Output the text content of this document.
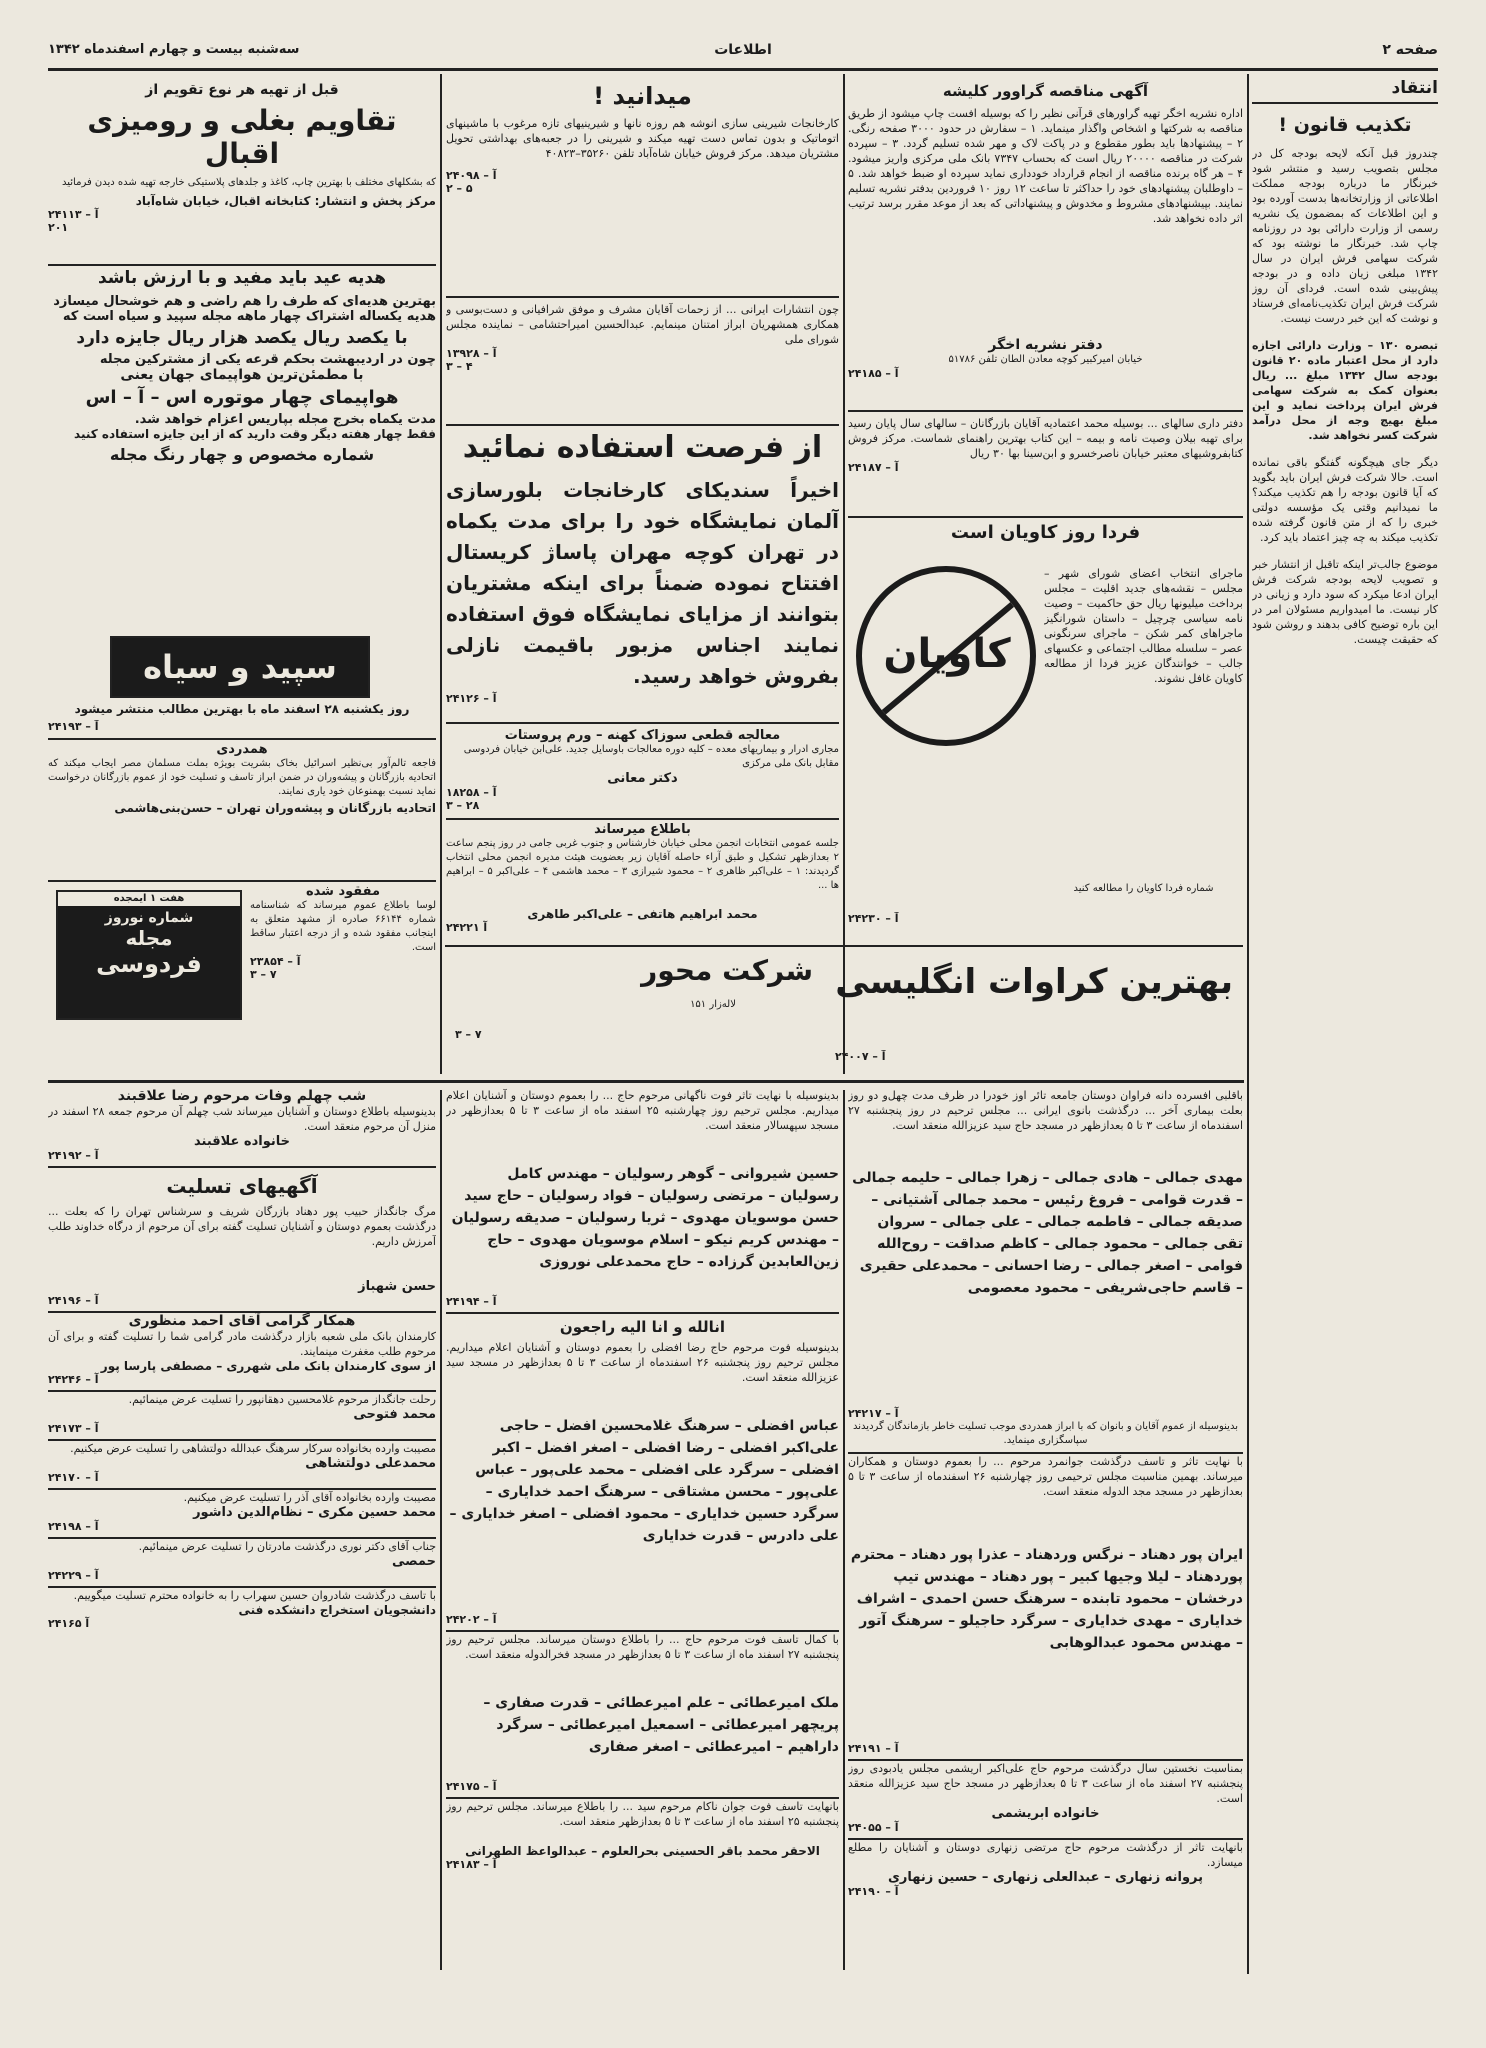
صفحه ۲
اطلاعات
سه‌شنبه بیست و چهارم اسفندماه ۱۳۴۲
انتقاد
تکذیب قانون !
چندروز قبل آنکه لایحه بودجه کل در مجلس بتصویب رسید و منتشر شود خبرنگار ما درباره بودجه مملکت اطلاعاتی از وزارتخانه‌ها بدست آورده بود و این اطلاعات که بمضمون یک نشریه رسمی از وزارت دارائی بود در روزنامه چاپ شد. خبرنگار ما نوشته بود که شرکت سهامی فرش ایران در سال ۱۳۴۲ مبلغی زیان داده و در بودجه پیش‌بینی شده است. فردای آن روز شرکت فرش ایران تکذیب‌نامه‌ای فرستاد و نوشت که این خبر درست نیست.
تبصره ۱۳۰ – وزارت دارائی اجازه دارد از محل اعتبار ماده ۲۰ قانون بودجه سال ۱۳۴۲ مبلغ ... ریال بعنوان کمک به شرکت سهامی فرش ایران پرداخت نماید و این مبلغ بهیچ وجه از محل درآمد شرکت کسر نخواهد شد.
دیگر جای هیچگونه گفتگو باقی نمانده است. حالا شرکت فرش ایران باید بگوید که آیا قانون بودجه را هم تکذیب میکند؟ ما نمیدانیم وقتی یک مؤسسه دولتی خبری را که از متن قانون گرفته شده تکذیب میکند به چه چیز اعتماد باید کرد.
موضوع جالب‌تر اینکه تاقبل از انتشار خبر و تصویب لایحه بودجه شرکت فرش ایران ادعا میکرد که سود دارد و زیانی در کار نیست. ما امیدواریم مسئولان امر در این باره توضیح کافی بدهند و روشن شود که حقیقت چیست.
آگهی مناقصه گراوور کلیشه
اداره نشریه اخگر تهیه گراورهای قرآنی نظیر را که بوسیله افست چاپ میشود از طریق مناقصه به شرکتها و اشخاص واگذار مینماید. ۱ – سفارش در حدود ۳۰۰۰ صفحه رنگی. ۲ – پیشنهادها باید بطور مقطوع و در پاکت لاک و مهر شده تسلیم گردد. ۳ – سپرده شرکت در مناقصه ۲۰۰۰۰ ریال است که بحساب ۷۳۴۷ بانک ملی مرکزی واریز میشود. ۴ – هر گاه برنده مناقصه از انجام قرارداد خودداری نماید سپرده او ضبط خواهد شد. ۵ – داوطلبان پیشنهادهای خود را حداکثر تا ساعت ۱۲ روز ۱۰ فروردین بدفتر نشریه تسلیم نمایند. بپیشنهادهای مشروط و مخدوش و پیشنهاداتی که بعد از موعد مقرر برسد ترتیب اثر داده نخواهد شد.
دفتر نشریه اخگر
خیابان امیرکبیر کوچه معادن الطان تلفن ۵۱۷۸۶
آ – ۲۴۱۸۵
دفتر داری سالهای ... بوسیله محمد اعتمادیه آقایان بازرگانان – سالهای سال پایان رسید برای تهیه بیلان وصیت نامه و بیمه – این کتاب بهترین راهنمای شماست. مرکز فروش کتابفروشیهای معتبر خیابان ناصرخسرو و ابن‌سینا بها ۳۰ ریال
آ – ۲۴۱۸۷
فردا روز کاویان است
کاویان
ماجرای انتخاب اعضای شورای شهر – مجلس – نقشه‌های جدید اقلیت – مجلس برداخت میلیونها ریال حق حاکمیت – وصیت نامه سیاسی چرچیل – داستان شورانگیز ماجراهای کمر شکن – ماجرای سرنگونی عصر – سلسله مطالب اجتماعی و عکسهای جالب – خوانندگان عزیز فردا از مطالعه کاویان غافل نشوند.
شماره فردا کاویان را مطالعه کنید
آ – ۲۴۲۳۰
بهترین کراوات انگلیسی
شرکت محور
لاله‌زار ۱۵۱
آ – ۲۴۰۰۷
۳ – ۷
میدانید !
کارخانجات شیرینی سازی انوشه هم روزه نانها و شیرینیهای تازه مرغوب با ماشینهای اتوماتیک و بدون تماس دست تهیه میکند و شیرینی را در جعبه‌های بهداشتی تحویل مشتریان میدهد. مرکز فروش خیابان شاه‌آباد تلفن ۳۵۲۶۰–۴۰۸۲۳
آ – ۲۴۰۹۸
۲ – ۵
چون انتشارات ایرانی ... از زحمات آقایان مشرف و موفق شرافیانی و دست‌بوسی و همکاری همشهریان ابراز امتنان مینمایم. عبدالحسین امیراحتشامی – نماینده مجلس شورای ملی
آ – ۱۳۹۲۸
۳ – ۴
از فرصت استفاده نمائید
اخیراً سندیکای کارخانجات بلورسازی آلمان نمایشگاه خود را برای مدت یکماه در تهران کوچه مهران پاساژ کریستال افتتاح نموده ضمناً برای اینکه مشتریان بتوانند از مزایای نمایشگاه فوق استفاده نمایند اجناس مزبور باقیمت نازلی بفروش خواهد رسید.
آ – ۲۴۱۲۶
معالجه قطعی سوزاک کهنه – ورم پروستات
مجاری ادرار و بیماریهای معده – کلیه دوره معالجات باوسایل جدید. علی‌ابن خیابان فردوسی مقابل بانک ملی مرکزی
دکتر معانی
آ – ۱۸۲۵۸
۳ – ۲۸
باطلاع میرساند
جلسه عمومی انتخابات انجمن محلی خیابان خارشناس و جنوب غربی جامی در روز پنجم ساعت ۲ بعدازظهر تشکیل و طبق آراء حاصله آقایان زیر بعضویت هیئت مدیره انجمن محلی انتخاب گردیدند: ۱ – علی‌اکبر ظاهری ۲ – محمود شیرازی ۳ – محمد هاشمی ۴ – علی‌اکبر ۵ – ابراهیم ها ...
محمد ابراهیم هاتفی – علی‌اکبر طاهری
آ ۲۴۲۲۱
قبل از تهیه هر نوع تقویم از
تقاویم بغلی و رومیزی اقبال
که بشکلهای مختلف با بهترین چاپ، کاغذ و جلدهای پلاستیکی خارجه تهیه شده دیدن فرمائید
مرکز پخش و انتشار: کتابخانه اقبال، خیابان شاه‌آباد
آ – ۲۴۱۱۳
۲۰۱
هدیه عید باید مفید و با ارزش باشد
بهترین هدیه‌ای که طرف را هم راضی و هم خوشحال میسازد
هدیه یکساله اشتراک چهار ماهه مجله سپید و سیاه است که
با یکصد ریال یکصد هزار ریال جایزه دارد
چون در اردیبهشت بحکم قرعه یکی از مشترکین مجله
با مطمئن‌ترین هواپیمای جهان یعنی
هواپیمای چهار موتوره اس – آ – اس
مدت یکماه بخرج مجله بپاریس اعزام خواهد شد.
فقط چهار هفته دیگر وقت دارید که از این جایزه استفاده کنید
شماره مخصوص و چهار رنگ مجله
سپید و سیاه
روز یکشنبه ۲۸ اسفند ماه با بهترین مطالب منتشر میشود
آ – ۲۴۱۹۳
همدردی
فاجعه تالم‌آور بی‌نظیر اسرائیل بخاک بشریت بویژه بملت مسلمان مصر ایجاب میکند که اتحادیه بازرگانان و پیشه‌وران در ضمن ابراز تاسف و تسلیت خود از عموم بازرگانان درخواست نماید نسبت بهمنوعان خود یاری نمایند.
اتحادیه بازرگانان و پیشه‌وران تهران – حسن‌بنی‌هاشمی
مفقود شده
لوسا باطلاع عموم میرساند که شناسنامه شماره ۶۶۱۴۴ صادره از مشهد متعلق به اینجانب مفقود شده و از درجه اعتبار ساقط است.
آ – ۲۳۸۵۴
۳ – ۷
هفت ۱ ایمجده
شماره نوروز
مجله
فردوسی
باقلبی افسرده دانه فراوان دوستان جامعه تائر اوز خودرا در ظرف مدت چهل‌و دو روز بعلت بیماری آخر ... درگذشت بانوی ایرانی ... مجلس ترحیم در روز پنجشنبه ۲۷ اسفندماه از ساعت ۳ تا ۵ بعدازظهر در مسجد حاج سید عزیزالله منعقد است.
مهدی جمالی – هادی جمالی – زهرا جمالی – حلیمه جمالی – قدرت قوامی – فروغ رئیس – محمد جمالی آشتیانی – صدیقه جمالی – فاطمه جمالی – علی جمالی – سروان تقی جمالی – محمود جمالی – کاظم صداقت – روح‌الله فوامی – اصغر جمالی – رضا احسانی – محمدعلی حقیری – قاسم حاجی‌شریفی – محمود معصومی
آ – ۲۴۲۱۷
بدینوسیله از عموم آقایان و بانوان که با ابراز همدردی موجب تسلیت خاطر بازماندگان گردیدند سپاسگزاری مینماید.
با نهایت تاثر و تاسف درگذشت جوانمرد مرحوم ... را بعموم دوستان و همکاران میرساند. بهمین مناسبت مجلس ترحیمی روز چهارشنبه ۲۶ اسفندماه از ساعت ۳ تا ۵ بعدازظهر در مسجد مجد الدوله منعقد است.
ایران پور دهناد – نرگس وردهناد – عذرا پور دهناد – محترم پوردهناد – لیلا وجیها کبیر – پور دهناد – مهندس تیپ درخشان – محمود تابنده – سرهنگ حسن احمدی – اشراف خدایاری – مهدی خدایاری – سرگرد حاجیلو – سرهنگ آتور – مهندس محمود عبدالوهابی
آ – ۲۴۱۹۱
بمناسبت نخستین سال درگذشت مرحوم حاج علی‌اکبر اریشمی مجلس یادبودی روز پنجشنبه ۲۷ اسفند ماه از ساعت ۳ تا ۵ بعدازظهر در مسجد حاج سید عزیزالله منعقد است.
خانواده ابریشمی
آ – ۲۴۰۵۵
بانهایت تاثر از درگذشت مرحوم حاج مرتضی زنهاری دوستان و آشنایان را مطلع میسازد.
پروانه زنهاری – عبدالعلی زنهاری – حسین زنهاری
آ – ۲۴۱۹۰
بدینوسیله با نهایت تاثر فوت ناگهانی مرحوم حاج ... را بعموم دوستان و آشنایان اعلام میداریم. مجلس ترحیم روز چهارشنبه ۲۵ اسفند ماه از ساعت ۳ تا ۵ بعدازظهر در مسجد سپهسالار منعقد است.
حسین شیروانی – گوهر رسولیان – مهندس کامل رسولیان – مرتضی رسولیان – فواد رسولیان – حاج سید حسن موسویان مهدوی – ثریا رسولیان – صدیقه رسولیان – مهندس کریم نیکو – اسلام موسویان مهدوی – حاج زین‌العابدین گرزاده – حاج محمدعلی نوروزی
آ – ۲۴۱۹۴
انالله و انا الیه راجعون
بدینوسیله فوت مرحوم حاج رضا افضلی را بعموم دوستان و آشنایان اعلام میداریم. مجلس ترحیم روز پنجشنبه ۲۶ اسفندماه از ساعت ۳ تا ۵ بعدازظهر در مسجد سید عزیزالله منعقد است.
عباس افضلی – سرهنگ غلامحسین افضل – حاجی علی‌اکبر افضلی – رضا افضلی – اصغر افضل – اکبر افضلی – سرگرد علی افضلی – محمد علی‌پور – عباس علی‌پور – محسن مشتاقی – سرهنگ احمد خدایاری – سرگرد حسین خدایاری – محمود افضلی – اصغر خدایاری – علی دادرس – قدرت خدایاری
آ – ۲۴۲۰۲
با کمال تاسف فوت مرحوم حاج ... را باطلاع دوستان میرساند. مجلس ترحیم روز پنجشنبه ۲۷ اسفند ماه از ساعت ۳ تا ۵ بعدازظهر در مسجد فخرالدوله منعقد است.
ملک امیرعطائی – علم امیرعطائی – قدرت صفاری – پریچهر امیرعطائی – اسمعیل امیرعطائی – سرگرد داراهیم – امیرعطائی – اصغر صفاری
آ – ۲۴۱۷۵
بانهایت تاسف فوت جوان ناکام مرحوم سید ... را باطلاع میرساند. مجلس ترحیم روز پنجشنبه ۲۵ اسفند ماه از ساعت ۳ تا ۵ بعدازظهر منعقد است.
الاحقر محمد باقر الحسینی بحرالعلوم – عبدالواعظ الطهرانی
آ – ۲۴۱۸۳
شب چهلم وفات مرحوم رضا علاقبند
بدینوسیله باطلاع دوستان و آشنایان میرساند شب چهلم آن مرحوم جمعه ۲۸ اسفند در منزل آن مرحوم منعقد است.
خانواده علاقبند
آ – ۲۴۱۹۲
آگهیهای تسلیت
مرگ جانگداز حبیب پور دهناد بازرگان شریف و سرشناس تهران را که بعلت ... درگذشت بعموم دوستان و آشنایان تسلیت گفته برای آن مرحوم از درگاه خداوند طلب آمرزش داریم.
حسن شهباز
آ – ۲۴۱۹۶
همکار گرامی آقای احمد منظوری
کارمندان بانک ملی شعبه بازار درگذشت مادر گرامی شما را تسلیت گفته و برای آن مرحوم طلب مغفرت مینمایند.
از سوی کارمندان بانک ملی شهرری – مصطفی پارسا پور
آ – ۲۴۲۴۶
رحلت جانگداز مرحوم غلامحسین دهقانپور را تسلیت عرض مینمائیم.
محمد فتوحی
آ – ۲۴۱۷۳
مصیبت وارده بخانواده سرکار سرهنگ عبدالله دولتشاهی را تسلیت عرض میکنیم.
محمدعلی دولتشاهی
آ – ۲۴۱۷۰
مصیبت وارده بخانواده آقای آذر را تسلیت عرض میکنیم.
محمد حسین مکری – نظام‌الدین داشور
آ – ۲۴۱۹۸
جناب آقای دکتر نوری درگذشت مادرتان را تسلیت عرض مینمائیم.
حمصی
آ – ۲۴۲۲۹
با تاسف درگذشت شادروان حسین سهراب را به خانواده محترم تسلیت میگوییم.
دانشجویان استخراج دانشکده فنی
آ ۲۴۱۶۵
